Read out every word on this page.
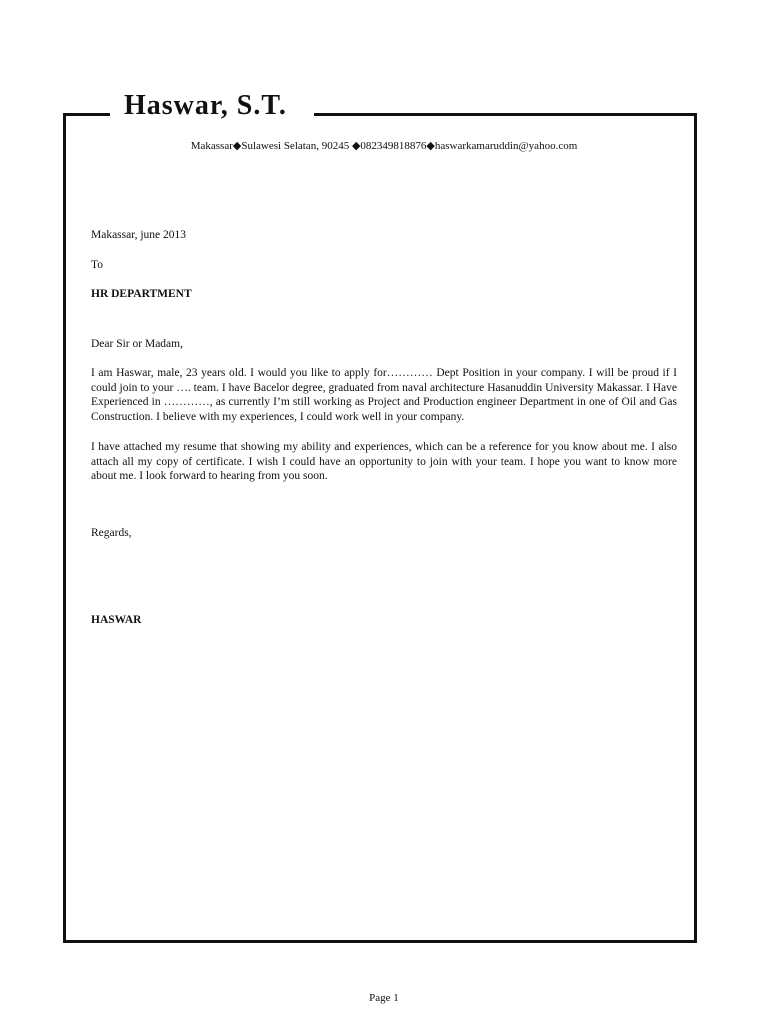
Haswar, S.T.
Makassar◆Sulawesi Selatan, 90245 ◆082349818876◆haswarkamaruddin@yahoo.com
Makassar, june 2013
To
HR DEPARTMENT
Dear Sir or Madam,

I am Haswar, male, 23 years old. I would you like to apply for………… Dept Position in your company. I will be proud if I could join to your …. team. I have Bacelor degree, graduated from naval architecture Hasanuddin University Makassar. I Have Experienced in …………, as currently I’m still working as Project and Production engineer Department in one of Oil and Gas Construction. I believe with my experiences, I could work well in your company.

I have attached my resume that showing my ability and experiences, which can be a reference for you know about me. I also attach all my copy of certificate. I wish I could have an opportunity to join with your team. I hope you want to know more about me. I look forward to hearing from you soon.

Regards,
HASWAR
Page 1
